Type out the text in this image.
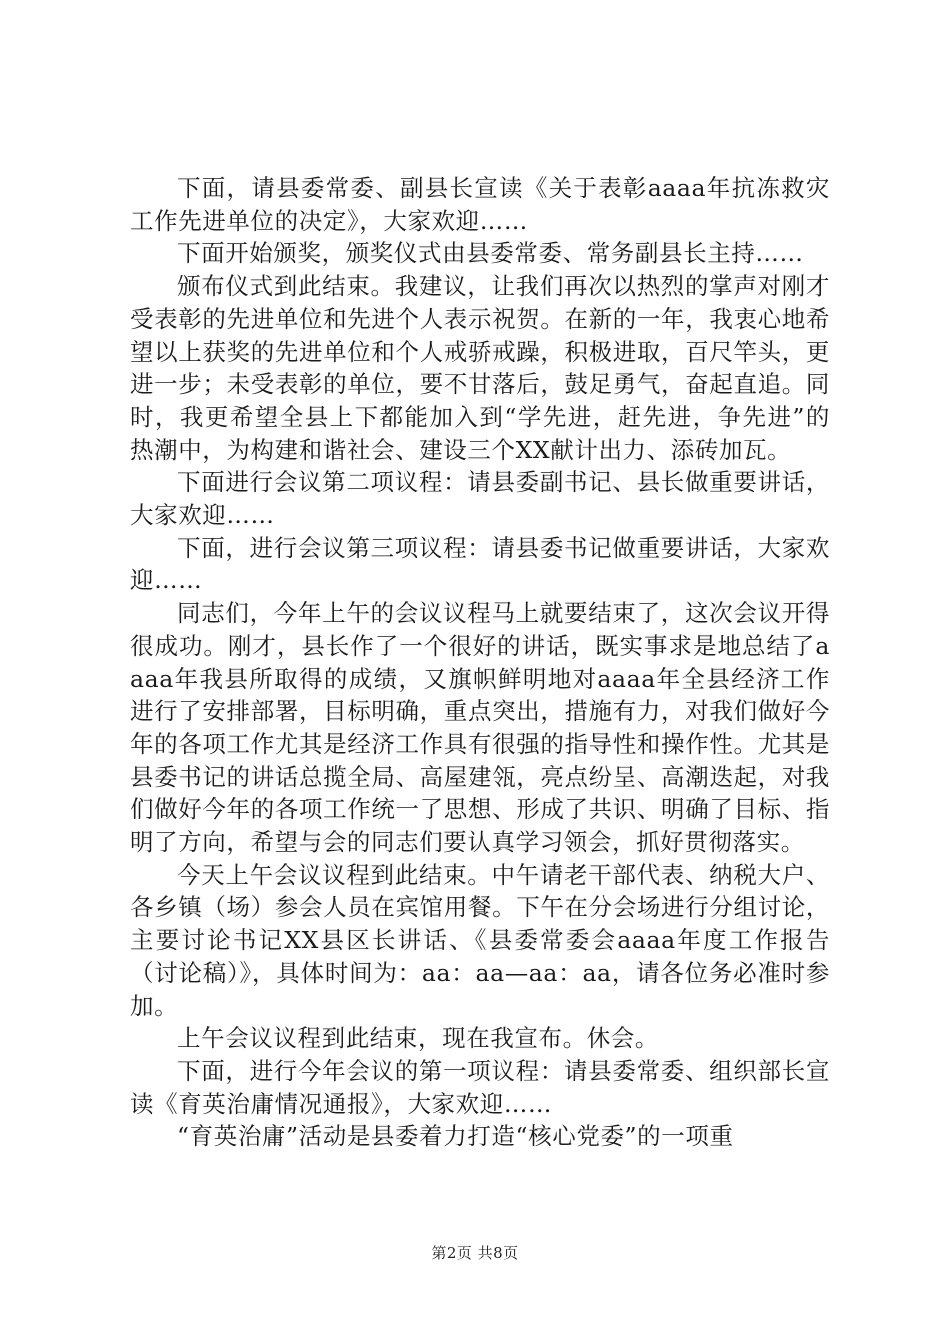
下面，请县委常委、副县长宣读《关于表彰aaaa年抗冻救灾工作先进单位的决定》，大家欢迎……

下面开始颁奖，颁奖仪式由县委常委、常务副县长主持……

颁布仪式到此结束。我建议，让我们再次以热烈的掌声对刚才受表彰的先进单位和先进个人表示祝贺。在新的一年，我衷心地希望以上获奖的先进单位和个人戒骄戒躁，积极进取，百尺竿头，更进一步；未受表彰的单位，要不甘落后，鼓足勇气，奋起直追。同时，我更希望全县上下都能加入到“学先进，赶先进，争先进”的热潮中，为构建和谐社会、建设三个XX献计出力、添砖加瓦。

下面进行会议第二项议程：请县委副书记、县长做重要讲话，大家欢迎……

下面，进行会议第三项议程：请县委书记做重要讲话，大家欢迎……

同志们，今年上午的会议议程马上就要结束了，这次会议开得很成功。刚才，县长作了一个很好的讲话，既实事求是地总结了aaaa年我县所取得的成绩，又旗帜鲜明地对aaaa年全县经济工作进行了安排部署，目标明确，重点突出，措施有力，对我们做好今年的各项工作尤其是经济工作具有很强的指导性和操作性。尤其是县委书记的讲话总揽全局、高屋建瓴，亮点纷呈、高潮迭起，对我们做好今年的各项工作统一了思想、形成了共识、明确了目标、指明了方向，希望与会的同志们要认真学习领会，抓好贯彻落实。

今天上午会议议程到此结束。中午请老干部代表、纳税大户、各乡镇（场）参会人员在宾馆用餐。下午在分会场进行分组讨论，主要讨论书记XX县区长讲话、《县委常委会aaaa年度工作报告（讨论稿）》，具体时间为：aa：aa—aa：aa，请各位务必准时参加。

上午会议议程到此结束，现在我宣布。休会。

下面，进行今年会议的第一项议程：请县委常委、组织部长宣读《育英治庸情况通报》，大家欢迎……

“育英治庸”活动是县委着力打造“核心党委”的一项重

第2页 共8页
